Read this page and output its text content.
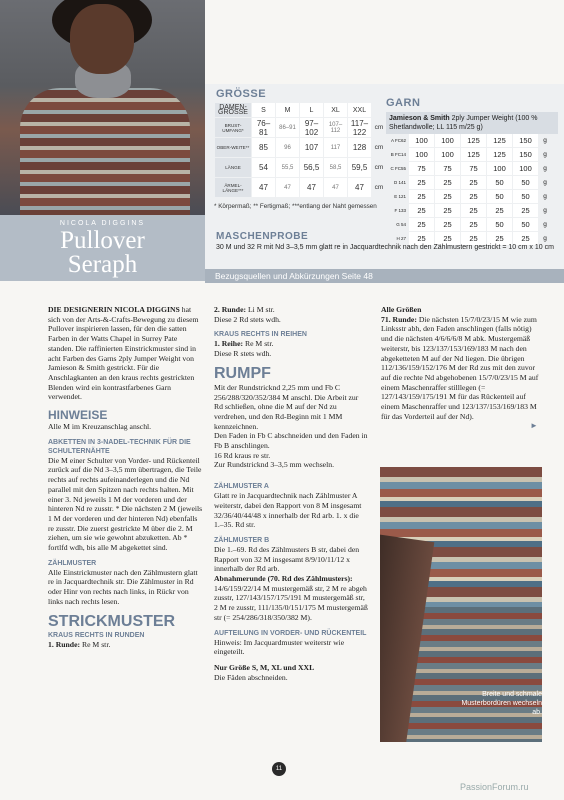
NICOLA DIGGINS
Pullover
Seraph	Bezugsquellen und Abkürzungen Seite 48
GRÖSSE
DAMEN-GRÖSSE	S	M	L	XL	XXL	
BRUST-UMFANG*	76–81	86–91	97–102	107–112	117–122	cm
OBER-WEITE**	85	96	107	117	128	cm
LÄNGE	54	55,5	56,5	58,5	59,5	cm
ÄRMEL-LÄNGE***	47	47	47	47	47	cm
* Körpermaß; ** Fertigmaß; ***entlang der Naht gemessen
GARN
Jamieson & Smith 2ply Jumper Weight (100 % Shetlandwolle; LL 115 m/25 g)
A FC62	100	100	125	125	150	g
B FC14	100	100	125	125	150	g
C FC55	75	75	75	100	100	g
D 141	25	25	25	50	50	g
E 121	25	25	25	50	50	g
F 133	25	25	25	25	25	g
G 54	25	25	25	50	50	g
H 27	25	25	25	25	25	g
MASCHENPROBE
30 M und 32 R mit Nd 3–3,5 mm glatt re in Jacquardtechnik nach den Zählmustern gestrickt = 10 cm x 10 cm

DIE DESIGNERIN NICOLA DIGGINS hat sich von der Arts-&-Crafts-Bewegung zu diesem Pullover inspirieren lassen, für den die satten Farben in der Watts Chapel in Surrey Pate standen. Die raffinierten Einstrickmuster sind in acht Farben des Garns 2ply Jumper Weight von Jamieson & Smith gestrickt. Für die Anschlagkanten an den kraus rechts gestrickten Blenden wird ein kontrastfarbenes Garn verwendet.

HINWEISE

Alle M im Kreuzanschlag anschl.

ABKETTEN IN 3-NADEL-TECHNIK FÜR DIE SCHULTERNÄHTE

Die M einer Schulter von Vorder- und Rückenteil zurück auf die Nd 3–3,5 mm übertragen, die Teile rechts auf rechts aufeinanderlegen und die Nd parallel mit den Spitzen nach rechts halten. Mit einer 3. Nd jeweils 1 M der vorderen und der hinteren Nd re zusstr. * Die nächsten 2 M (jeweils 1 M der vorderen und der hinteren Nd) ebenfalls re zusstr. Die zuerst gestrickte M über die 2. M ziehen, um sie wie gewohnt abzuketten. Ab * fortlfd wdh, bis alle M abgekettet sind.

ZÄHLMUSTER

Alle Einstrickmuster nach den Zählmustern glatt re in Jacquardtechnik str. Die Zählmuster in Rd oder Hinr von rechts nach links, in Rückr von links nach rechts lesen.

STRICKMUSTER
KRAUS RECHTS IN RUNDEN

1. Runde: Re M str.

2. Runde: Li M str.

Diese 2 Rd stets wdh.

KRAUS RECHTS IN REIHEN

1. Reihe: Re M str.

Diese R stets wdh.

RUMPF

Mit der Rundstricknd 2,25 mm und Fb C 256/288/320/352/384 M anschl. Die Arbeit zur Rd schließen, ohne die M auf der Nd zu verdrehen, und den Rd-Beginn mit 1 MM kennzeichnen.

Den Faden in Fb C abschneiden und den Faden in Fb B anschlingen.

16 Rd kraus re str.

Zur Rundstricknd 3–3,5 mm wechseln.

ZÄHLMUSTER A

Glatt re in Jacquardtechnik nach Zählmuster A weiterstr, dabei den Rapport von 8 M insgesamt 32/36/40/44/48 x innerhalb der Rd arb. 1. x die 1.–35. Rd str.

ZÄHLMUSTER B

Die 1.–69. Rd des Zählmusters B str, dabei den Rapport von 32 M insgesamt 8/9/10/11/12 x innerhalb der Rd arb.

Abnahmerunde (70. Rd des Zählmusters): 14/6/159/22/14 M mustergemäß str, 2 M re abgeh zusstr, 127/143/157/175/191 M mustergemäß str, 2 M re zusstr, 111/135/0/151/175 M mustergemäß str (= 254/286/318/350/382 M).

AUFTEILUNG IN VORDER- UND RÜCKENTEIL

Hinweis: Im Jacquardmuster weiterstr wie eingeteilt.

Nur Größe S, M, XL und XXL

Die Fäden abschneiden.

Alle Größen

71. Runde: Die nächsten 15/7/0/23/15 M wie zum Linksstr abh, den Faden anschlingen (falls nötig) und die nächsten 4/6/6/6/8 M abk. Mustergemäß weiterstr, bis 123/137/153/169/183 M nach den abgeketteten M auf der Nd liegen. Die übrigen 112/136/159/152/176 M der Rd zus mit den zuvor auf die rechte Nd abgehobenen 15/7/0/23/15 M auf einem Maschenraffer stilllegen (= 127/143/159/175/191 M für das Rückenteil auf einem Maschenraffer und 123/137/153/169/183 M für das Vorderteil auf der Nd).

►
Breite und schmale Musterbordüren wechseln ab.
11
PassionForum.ru
